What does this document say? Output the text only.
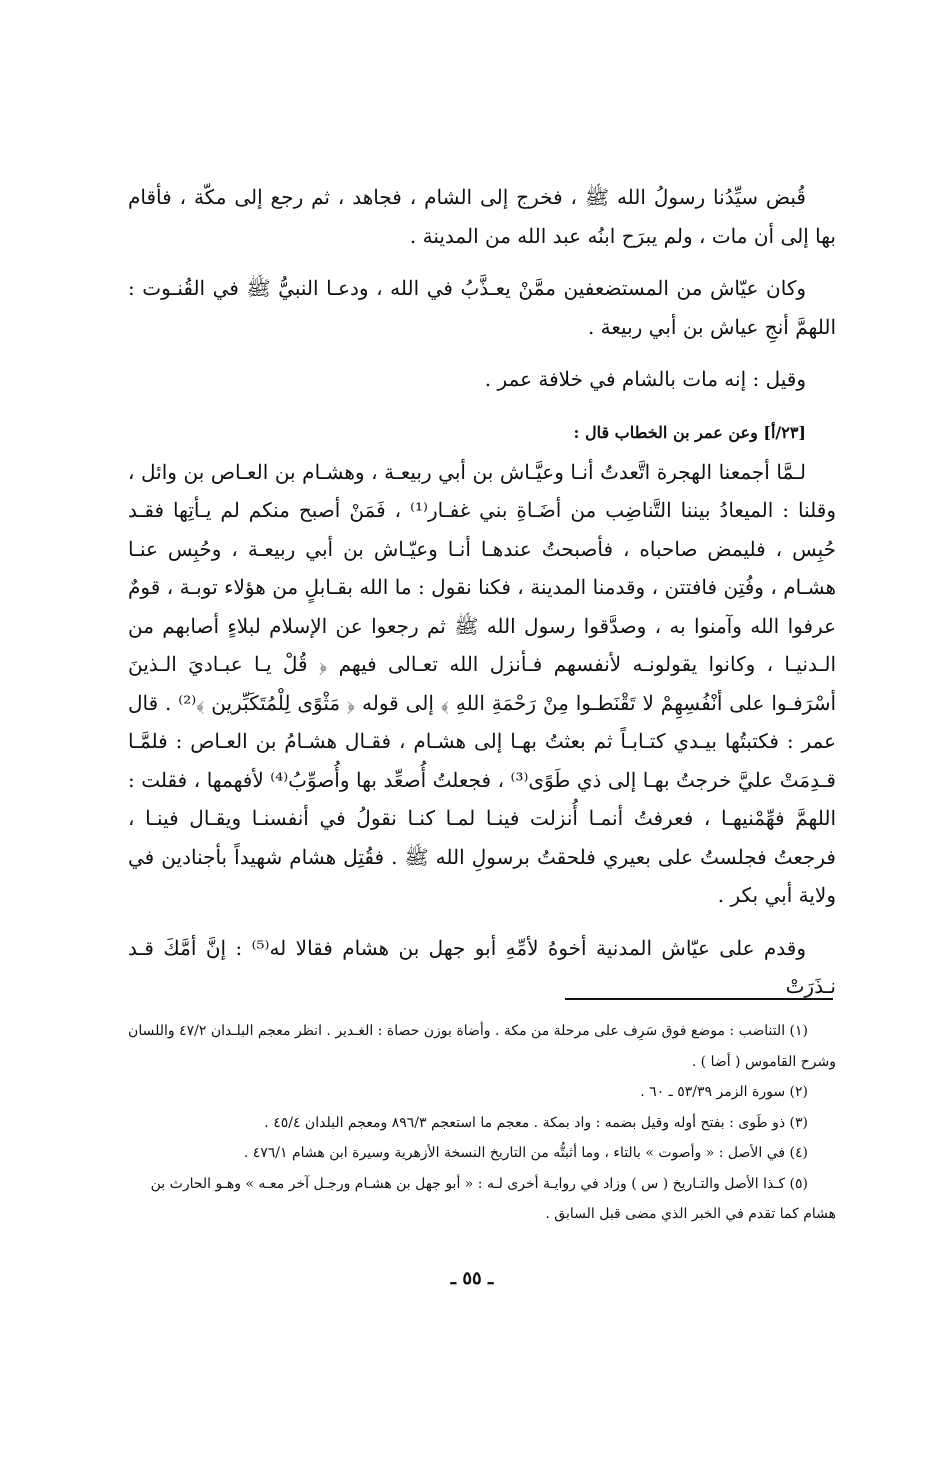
قُبض سيِّدُنا رسولُ الله ﷺ ، فخرج إلى الشام ، فجاهد ، ثم رجع إلى مكّة ، فأقام بها إلى أن مات ، ولم يبرَح ابنُه عبد الله من المدينة .

وكان عيّاش من المستضعفين ممَّنْ يعـذَّبُ في الله ، ودعـا النبيُّ ﷺ في القُنـوت : اللهمَّ أنجِ عياش بن أبي ربيعة .

وقيل : إنه مات بالشام في خلافة عمر .

[٢٣/أ] وعن عمر بن الخطاب قال :

لـمَّا أجمعنا الهجرة اتَّعدتُ أنـا وعيَّـاش بن أبي ربيعـة ، وهشـام بن العـاص بن وائل ، وقلنا : الميعادُ بيننا التَّناضِب من أضَـاةِ بني غفـار⁽¹⁾ ، فَمَنْ أصبح منكم لم يـأتِها فقـد حُبِس ، فليمض صاحباه ، فأصبحتُ عندهـا أنـا وعيّـاش بن أبي ربيعـة ، وحُبِس عنـا هشـام ، وفُتِن فافتتن ، وقدمنا المدينة ، فكنا نقول : ما الله بقـابلٍ من هؤلاء توبـة ، قومٌ عرفوا الله وآمنوا به ، وصدَّقوا رسول الله ﷺ ثم رجعوا عن الإسلام لبلاءٍ أصابهم من الـدنيـا ، وكانوا يقولونـه لأنفسهم فـأنزل الله تعـالى فيهم ﴿ قُلْ يـا عبـاديَ الـذينَ أسْرَفـوا على أنْفُسِهِمْ لا تَقْنَطـوا مِنْ رَحْمَةِ اللهِ ﴾ إلى قوله ﴿ مَثْوًى لِلْمُتَكَبِّرين ﴾⁽²⁾ . قال عمر : فكتبتُها بيـدي كتـابـاً ثم بعثتُ بهـا إلى هشـام ، فقـال هشـامُ بن العـاص : فلمَّـا قـدِمَتْ عليَّ خرجتُ بهـا إلى ذي طَوًى⁽³⁾ ، فجعلتُ أُصعِّد بها وأُصوِّبُ⁽⁴⁾ لأفهمها ، فقلت : اللهمَّ فهِّمْنيهـا ، فعرفتُ أنمـا أُنزلت فينـا لمـا كنـا نقولُ في أنفسنـا ويقـال فينـا ، فرجعتُ فجلستُ على بعيري فلحقتُ برسولِ الله ﷺ . فقُتِل هشام شهيداً بأجنادين في ولاية أبي بكر .

وقدم على عيّاش المدنية أخوهُ لأمِّهِ أبو جهل بن هشام فقالا له⁽⁵⁾ : إنَّ أمَّكَ قـد نـذَرَتْ

(١) التناضب : موضع فوق سَرِف على مرحلة من مكة . وأضاة بوزن حصاة : الغـدير . انظر معجم البلـدان ٤٧/٢ واللسان وشرح القاموس ( أضا ) .

(٢) سورة الزمر ٥٣/٣٩ ـ ٦٠ .

(٣) ذو طَوى : بفتح أوله وقيل بضمه : واد بمكة . معجم ما استعجم ٨٩٦/٣ ومعجم البلدان ٤٥/٤ .

(٤) في الأصل : « وأصوت » بالتاء ، وما أثبتُّه من التاريخ النسخة الأزهرية وسيرة ابن هشام ٤٧٦/١ .

(٥) كـذا الأصل والتـاريخ ( س ) وزاد في روايـة أخرى لـه : « أبو جهل بن هشـام ورجـل آخر معـه » وهـو الحارث بن هشام كما تقدم في الخبر الذي مضى قبل السابق .

ـ ٥٥ ـ
